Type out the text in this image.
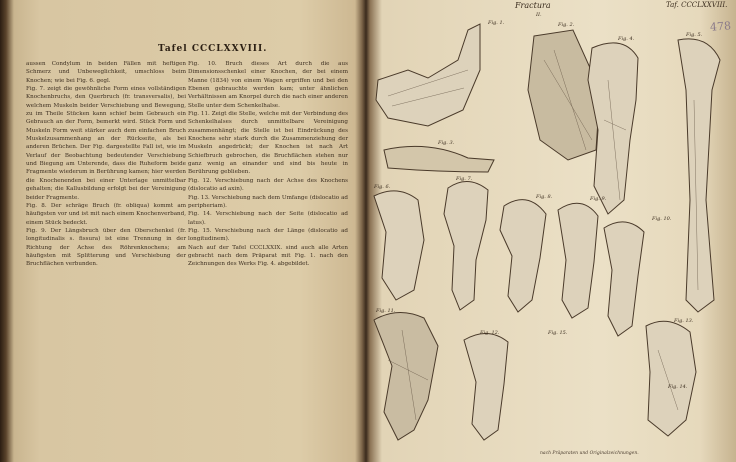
Tafel CCCLXXVIII.

aussen Condylum in beiden Fällen mit heftigen Schmerz und Unbeweglichkeit, umschloss beim Knochen; wie bei Fig. 6. gegl.

Fig. 7. zeigt die gewöhnliche Form eines vollständigen Knochenbruchs, den Querbruch (fr. transversalis), bei welchem Muskeln beider Verschiebung und Bewegung, zu im Theile Stücken kann schief beim Gebrauch ein Gebrauch an der Form, bemerkt wird. Stück Form und Muskeln Form weit stärker auch dem einfachen Bruch Muskelzusammenhang an der Rückseite, als bei anderen Brüchen. Der Fig. dargestellte Fall ist, wie im Verlauf der Beobachtung bedeutender Verschiebung und Biegung am Unterende, dass die Ruheform beide Fragmente wiederum in Berührung kamen; hier werden die Knochenenden bei einer Unterlage unmittelbar gehalten; die Kallusbildung erfolgt bei der Vereinigung beider Fragmente.

Fig. 8. Der schräge Bruch (fr. obliqua) kommt am häufigsten vor und ist mit nach einem Knochenverband, einem Stück bedeckt.

Fig. 9. Der Längsbruch über den Oberschenkel (fr. longitudinalis s. fissura) ist eine Trennung in der Richtung der Achse des Röhrenknochens; am häufigsten mit Splitterung und Verschiebung der Bruchflächen verbunden.

Fig. 10. Bruch dieses Art durch die aus Dimensionsschenkel einer Knochen, der bei einem Manne (1834) von einem Wagen ergriffen und bei den Ebenen gebrauchte werden kam; unter ähnlichen Verhältnissen am Knorpel durch die nach einer anderen Stelle unter dem Schenkelhalse.

Fig. 11. Zeigt die Stelle, welche mit der Verbindung des Schenkelhalses durch unmittelbare Vereinigung zusammenhängt; die Stelle ist bei Eindrückung des Knochens sehr stark durch die Zusammenziehung der Muskeln angedrückt; der Knochen ist nach Art Schiefbruch gebrochen, die Bruchflächen stehen nur ganz wenig an einander und sind bis heute in Berührung geblieben.

Fig. 12. Verschiebung nach der Achse des Knochens (dislocatio ad axin).

Fig. 13. Verschiebung nach dem Umfange (dislocatio ad peripheriam).

Fig. 14. Verschiebung nach der Seite (dislocatio ad latus).

Fig. 15. Verschiebung nach der Länge (dislocatio ad longitudinem).

Nach auf der Tafel CCCLXXIX. sind auch alle Arten gebracht nach dem Präparat mit Fig. 1. nach den Zeichnungen des Werks Fig. 4. abgebildet.

Fractura	Taf. CCCLXXVIII.
478
nach Präparaten und Originalzeichnungen.
Fig. 1.	Fig. 2.
Fig. 3.
Fig. 4.
Fig. 5.
Fig. 6.
Fig. 7.
Fig. 8.	Fig. 9.
Fig. 10.
Fig. 11.
Fig. 12.
Fig. 13.
Fig. 14.
Fig. 15.
II.
